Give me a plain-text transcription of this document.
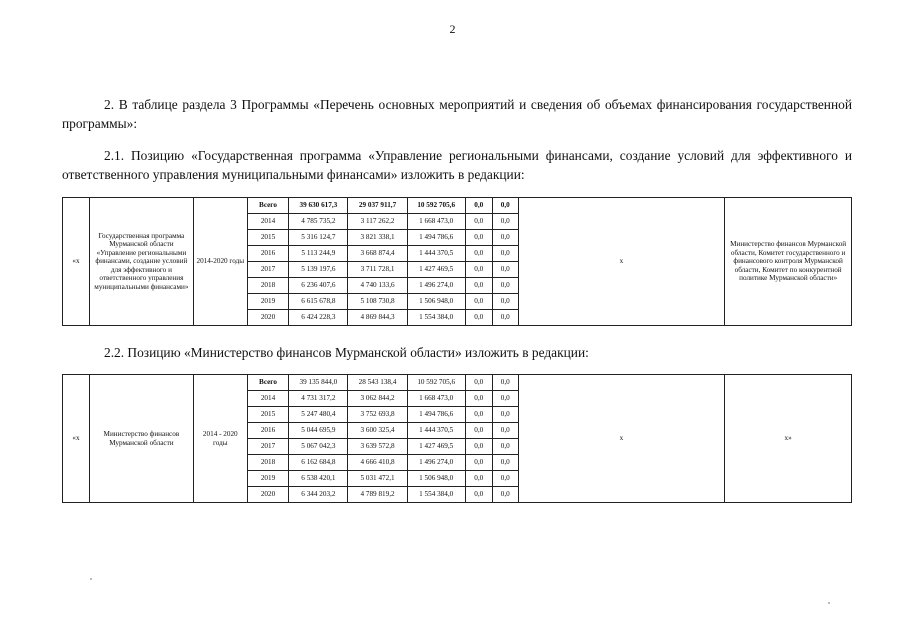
2

2. В таблице раздела 3 Программы «Перечень основных мероприятий и сведения об объемах финансирования государственной программы»:

2.1. Позицию «Государственная программа «Управление региональными финансами, создание условий для эффективного и ответственного управления муниципальными финансами» изложить в редакции:

«х	Государственная программа Мурманской области «Управление региональными финансами, создание условий для эффективного и ответственного управления муниципальными финансами»	2014-2020 годы	Всего	39 630 617,3	29 037 911,7	10 592 705,6	0,0	0,0	х	Министерство финансов Мурманской области, Комитет государственного и финансового контроля Мурманской области, Комитет по конкурентной политике Мурманской области»
			2014	4 785 735,2	3 117 262,2	1 668 473,0	0,0	0,0		
			2015	5 316 124,7	3 821 338,1	1 494 786,6	0,0	0,0		
			2016	5 113 244,9	3 668 874,4	1 444 370,5	0,0	0,0		
			2017	5 139 197,6	3 711 728,1	1 427 469,5	0,0	0,0		
			2018	6 236 407,6	4 740 133,6	1 496 274,0	0,0	0,0		
			2019	6 615 678,8	5 108 730,8	1 506 948,0	0,0	0,0		
			2020	6 424 228,3	4 869 844,3	1 554 384,0	0,0	0,0		

2.2. Позицию «Министерство финансов Мурманской области» изложить в редакции:

«х	Министерство финансов Мурманской области	2014 - 2020 годы	Всего	39 135 844,0	28 543 138,4	10 592 705,6	0,0	0,0	х	х»
			2014	4 731 317,2	3 062 844,2	1 668 473,0	0,0	0,0		
			2015	5 247 480,4	3 752 693,8	1 494 786,6	0,0	0,0		
			2016	5 044 695,9	3 600 325,4	1 444 370,5	0,0	0,0		
			2017	5 067 042,3	3 639 572,8	1 427 469,5	0,0	0,0		
			2018	6 162 684,8	4 666 410,8	1 496 274,0	0,0	0,0		
			2019	6 538 420,1	5 031 472,1	1 506 948,0	0,0	0,0		
			2020	6 344 203,2	4 789 819,2	1 554 384,0	0,0	0,0		
